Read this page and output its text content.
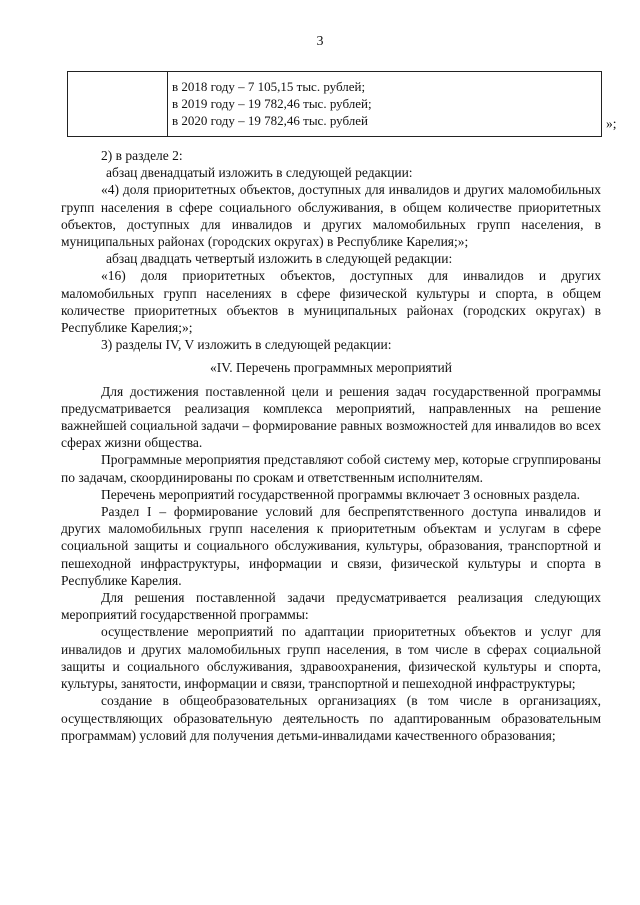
3
в 2018 году – 7 105,15 тыс. рублей;
в 2019 году – 19 782,46 тыс. рублей;
в 2020 году – 19 782,46 тыс. рублей	»;

2) в разделе 2:

абзац двенадцатый изложить в следующей редакции:

«4) доля приоритетных объектов, доступных для инвалидов и других маломобильных групп населения в сфере социального обслуживания, в общем количестве приоритетных объектов, доступных для инвалидов и других маломобильных групп населения, в муниципальных районах (городских округах) в Республике Карелия;»;

абзац двадцать четвертый изложить в следующей редакции:

«16) доля приоритетных объектов, доступных для инвалидов и других маломобильных групп населениях в сфере физической культуры и спорта, в общем количестве приоритетных объектов в муниципальных районах (городских округах) в Республике Карелия;»;

3) разделы IV, V изложить в следующей редакции:

«IV. Перечень программных мероприятий

Для достижения поставленной цели и решения задач государственной программы предусматривается реализация комплекса мероприятий, направленных на решение важнейшей социальной задачи – формирование равных возможностей для инвалидов во всех сферах жизни общества.

Программные мероприятия представляют собой систему мер, которые сгруппированы по задачам, скоординированы по срокам и ответственным исполнителям.

Перечень мероприятий государственной программы включает 3 основных раздела.

Раздел I – формирование условий для беспрепятственного доступа инвалидов и других маломобильных групп населения к приоритетным объектам и услугам в сфере социальной защиты и социального обслуживания, культуры, образования, транспортной и пешеходной инфраструктуры, информации и связи, физической культуры и спорта в Республике Карелия.

Для решения поставленной задачи предусматривается реализация следующих мероприятий государственной программы:

осуществление мероприятий по адаптации приоритетных объектов и услуг для инвалидов и других маломобильных групп населения, в том числе в сферах социальной защиты и социального обслуживания, здравоохранения, физической культуры и спорта, культуры, занятости, информации и связи, транспортной и пешеходной инфраструктуры;

создание в общеобразовательных организациях (в том числе в организациях, осуществляющих образовательную деятельность по адаптированным образовательным программам) условий для получения детьми-инвалидами качественного образования;
